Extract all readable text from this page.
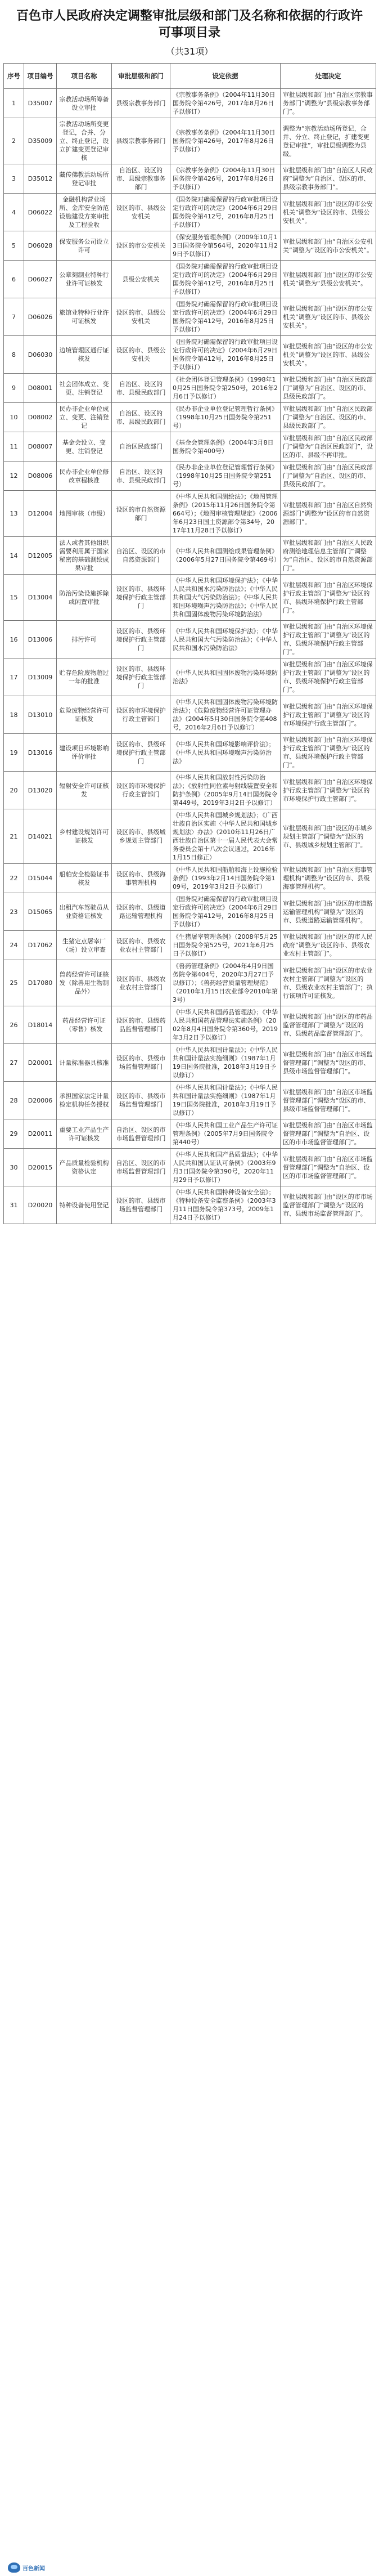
百色市人民政府决定调整审批层级和部门及名称和依据的行政许可事项目录

（共31项）

序号	项目编号	项目名称	审批层级和部门	设定依据	处理决定
1	D35007	宗教活动场所筹备设立审批	县级宗教事务部门	《宗教事务条例》（2004年11月30日国务院令第426号，2017年8月26日予以修订）	审批层级和部门由“自治区宗教事务部门”调整为“县级宗教事务部门”。
2	D35009	宗教活动场所变更登记，合并、分立、终止登记，设立扩建变更登记审核	县级宗教事务部门	《宗教事务条例》（2004年11月30日国务院令第426号，2017年8月26日予以修订）	调整为“宗教活动场所登记，合并、分立、终止登记，扩建变更登记审批”，审批层级调整为县级。
3	D35012	藏传佛教活动场所登记审批	自治区、设区的市、县级宗教事务部门	《宗教事务条例》（2004年11月30日国务院令第426号，2017年8月26日予以修订）	审批层级和部门由“自治区人民政府”调整为“自治区、设区的市、县级宗教事务部门”。
4	D06022	金融机构营业场所、金库安全防范设施建设方案审批及工程验收	设区的市、县级公安机关	《国务院对确需保留的行政审批项目设定行政许可的决定》（2004年6月29日国务院令第412号，2016年8月25日予以修订）	审批层级和部门由“设区的市公安机关”调整为“设区的市、县级公安机关”。
5	D06028	保安服务公司设立许可	设区的市公安机关	《保安服务管理条例》（2009年10月13日国务院令第564号，2020年11月29日予以修订）	审批层级和部门由“自治区公安机关”调整为“设区的市公安机关”。
6	D06027	公章刻制业特种行业许可证核发	县级公安机关	《国务院对确需保留的行政审批项目设定行政许可的决定》（2004年6月29日国务院令第412号，2016年8月25日予以修订）	审批层级和部门由“设区的市公安机关”调整为“县级公安机关”。
7	D06026	旅馆业特种行业许可证核发	设区的市、县级公安机关	《国务院对确需保留的行政审批项目设定行政许可的决定》（2004年6月29日国务院令第412号，2016年8月25日予以修订）	审批层级和部门由“设区的市公安机关”调整为“设区的市、县级公安机关”。
8	D06030	边境管理区通行证核发	设区的市、县级公安机关	《国务院对确需保留的行政审批项目设定行政许可的决定》（2004年6月29日国务院令第412号，2016年8月25日予以修订）	审批层级和部门由“设区的市公安机关”调整为“设区的市、县级公安机关”。
9	D08001	社会团体成立、变更、注销登记	自治区、设区的市、县级民政部门	《社会团体登记管理条例》（1998年10月25日国务院令第250号，2016年2月6日予以修订）	审批层级和部门由“自治区民政部门”调整为“自治区、设区的市、县级民政部门”。
10	D08002	民办非企业单位成立、变更、注销登记	自治区、设区的市、县级民政部门	《民办非企业单位登记管理暂行条例》（1998年10月25日国务院令第251号）	审批层级和部门由“自治区民政部门”调整为“自治区、设区的市、县级民政部门”。
11	D08007	基金会设立、变更、注销登记	自治区民政部门	《基金会管理条例》（2004年3月8日国务院令第400号）	审批层级和部门由“自治区民政部门”调整为“自治区民政部门”，设区的市、县级不再审批。
12	D08006	民办非企业单位修改章程核准	自治区、设区的市、县级民政部门	《民办非企业单位登记管理暂行条例》（1998年10月25日国务院令第251号）	审批层级和部门由“自治区民政部门”调整为“自治区、设区的市、县级民政部门”。
13	D12004	地图审核（市级）	设区的市自然资源部门	《中华人民共和国测绘法》；《地图管理条例》（2015年11月26日国务院令第664号）；《地图审核管理规定》（2006年6月23日国土资源部令第34号，2017年11月28日予以修订）	审批层级和部门由“自治区自然资源部门”调整为“设区的市自然资源部门”。
14	D12005	法人或者其他组织需要利用属于国家秘密的基础测绘成果审批	自治区、设区的市自然资源部门	《中华人民共和国测绘成果管理条例》（2006年5月27日国务院令第469号）	审批层级和部门由“自治区人民政府测绘地理信息主管部门”调整为“自治区、设区的市自然资源部门”。
15	D13004	防治污染设施拆除或闲置审批	设区的市、县级环境保护行政主管部门	《中华人民共和国环境保护法》；《中华人民共和国水污染防治法》；《中华人民共和国大气污染防治法》；《中华人民共和国环境噪声污染防治法》；《中华人民共和国固体废物污染环境防治法》	审批层级和部门由“自治区环境保护行政主管部门”调整为“设区的市、县级环境保护行政主管部门”。
16	D13006	排污许可	设区的市、县级环境保护行政主管部门	《中华人民共和国环境保护法》；《中华人民共和国大气污染防治法》；《中华人民共和国水污染防治法》	审批层级和部门由“自治区环境保护行政主管部门”调整为“设区的市、县级环境保护行政主管部门”。
17	D13009	贮存危险废物超过一年的批准	设区的市、县级环境保护行政主管部门	《中华人民共和国固体废物污染环境防治法》	审批层级和部门由“自治区环境保护行政主管部门”调整为“设区的市、县级环境保护行政主管部门”。
18	D13010	危险废物经营许可证核发	设区的市环境保护行政主管部门	《中华人民共和国固体废物污染环境防治法》；《危险废物经营许可证管理办法》（2004年5月30日国务院令第408号，2016年2月6日予以修订）	审批层级和部门由“自治区环境保护行政主管部门”调整为“设区的市环境保护行政主管部门”。
19	D13016	建设项目环境影响评价审批	设区的市、县级环境保护行政主管部门	《中华人民共和国环境影响评价法》；《中华人民共和国环境噪声污染防治法》	审批层级和部门由“自治区环境保护行政主管部门”调整为“设区的市、县级环境保护行政主管部门”。
20	D13020	辐射安全许可证核发	设区的市环境保护行政主管部门	《中华人民共和国放射性污染防治法》；《放射性同位素与射线装置安全和防护条例》（2005年9月14日国务院令第449号，2019年3月2日予以修订）	审批层级和部门由“自治区环境保护行政主管部门”调整为“设区的市环境保护行政主管部门”。
21	D14021	乡村建设规划许可证核发	设区的市、县级城乡规划主管部门	《中华人民共和国城乡规划法》；《广西壮族自治区实施〈中华人民共和国城乡规划法〉办法》（2010年11月26日广西壮族自治区第十一届人民代表大会常务委员会第十八次会议通过，2016年1月15日修正）	审批层级和部门由“设区的市城乡规划主管部门”调整为“设区的市、县级城乡规划主管部门”。
22	D15044	船舶安全检验证书核发	设区的市、县级海事管理机构	《中华人民共和国船舶和海上设施检验条例》（1993年2月14日国务院令第109号，2019年3月2日予以修订）	审批层级和部门由“自治区海事管理机构”调整为“设区的市、县级海事管理机构”。
23	D15065	出租汽车驾驶员从业资格证核发	设区的市、县级道路运输管理机构	《国务院对确需保留的行政审批项目设定行政许可的决定》（2004年6月29日国务院令第412号，2016年8月25日予以修订）	审批层级和部门由“设区的市道路运输管理机构”调整为“设区的市、县级道路运输管理机构”。
24	D17062	生猪定点屠宰厂（场）设立审查	设区的市、县级农业农村主管部门	《生猪屠宰管理条例》（2008年5月25日国务院令第525号，2021年6月25日予以修订）	审批层级和部门由“设区的市人民政府”调整为“设区的市、县级农业农村主管部门”。
25	D17080	兽药经营许可证核发（除兽用生物制品外）	设区的市、县级农业农村主管部门	《兽药管理条例》（2004年4月9日国务院令第404号，2020年3月27日予以修订）；《兽药经营质量管理规范》（2010年1月15日农业部令2010年第3号）	审批层级和部门由“设区的市农业农村主管部门”调整为“设区的市、县级农业农村主管部门”；执行该项许可证核发。
26	D18014	药品经营许可证（零售）核发	设区的市、县级药品监督管理部门	《中华人民共和国药品管理法》；《中华人民共和国药品管理法实施条例》（2002年8月4日国务院令第360号，2019年3月2日予以修订）	审批层级和部门由“设区的市药品监督管理部门”调整为“设区的市、县级药品监督管理部门”。
27	D20001	计量标准器具核准	设区的市、县级市场监督管理部门	《中华人民共和国计量法》；《中华人民共和国计量法实施细则》（1987年1月19日国务院批准，2018年3月19日予以修订）	审批层级和部门由“自治区市场监督管理部门”调整为“设区的市、县级市场监督管理部门”。
28	D20006	承担国家法定计量检定机构任务授权	设区的市、县级市场监督管理部门	《中华人民共和国计量法》；《中华人民共和国计量法实施细则》（1987年1月19日国务院批准，2018年3月19日予以修订）	审批层级和部门由“自治区市场监督管理部门”调整为“设区的市、县级市场监督管理部门”。
29	D20011	重要工业产品生产许可证核发	自治区、设区的市市场监督管理部门	《中华人民共和国工业产品生产许可证管理条例》（2005年7月9日国务院令第440号）	审批层级和部门由“自治区市场监督管理部门”调整为“自治区、设区的市市场监督管理部门”。
30	D20015	产品质量检验机构资格认定	自治区、设区的市市场监督管理部门	《中华人民共和国产品质量法》；《中华人民共和国认证认可条例》（2003年9月3日国务院令第390号，2020年11月29日予以修订）	审批层级和部门由“自治区市场监督管理部门”调整为“自治区、设区的市市场监督管理部门”。
31	D20020	特种设备使用登记	设区的市、县级市场监督管理部门	《中华人民共和国特种设备安全法》；《特种设备安全监察条例》（2003年3月11日国务院令第373号，2009年1月24日予以修订）	审批层级和部门由“设区的市市场监督管理部门”调整为“设区的市、县级市场监督管理部门”。
百色新闻
